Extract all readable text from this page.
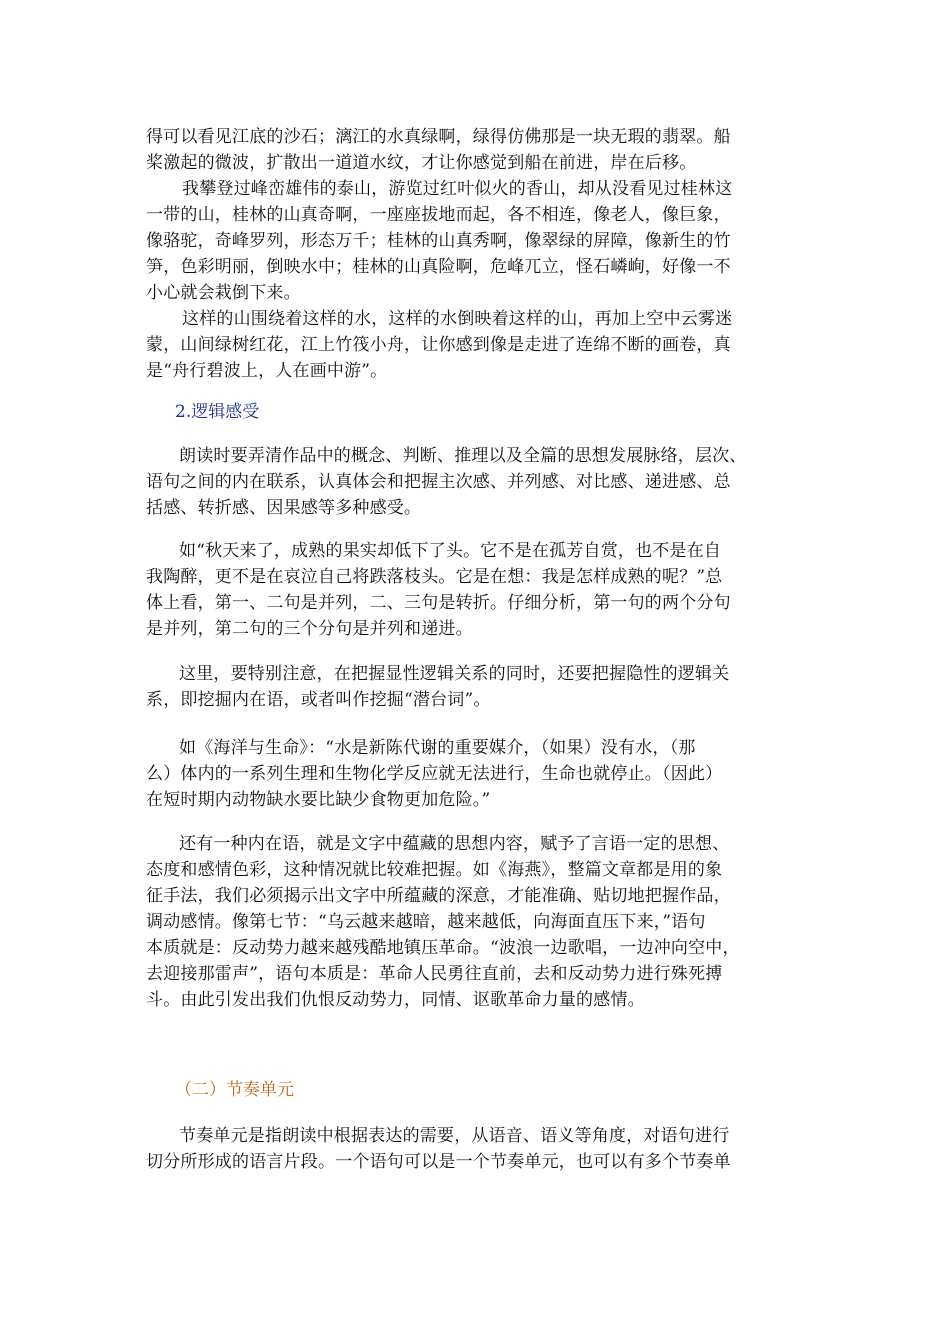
得可以看见江底的沙石；漓江的水真绿啊，绿得仿佛那是一块无瑕的翡翠。船
桨激起的微波，扩散出一道道水纹，才让你感觉到船在前进，岸在后移。
我攀登过峰峦雄伟的泰山，游览过红叶似火的香山，却从没看见过桂林这
一带的山，桂林的山真奇啊，一座座拔地而起，各不相连，像老人，像巨象，
像骆驼，奇峰罗列，形态万千；桂林的山真秀啊，像翠绿的屏障，像新生的竹
笋，色彩明丽，倒映水中；桂林的山真险啊，危峰兀立，怪石嶙峋，好像一不
小心就会栽倒下来。
这样的山围绕着这样的水，这样的水倒映着这样的山，再加上空中云雾迷
蒙，山间绿树红花，江上竹筏小舟，让你感到像是走进了连绵不断的画卷，真
是“舟行碧波上，人在画中游”。
2.逻辑感受
朗读时要弄清作品中的概念、判断、推理以及全篇的思想发展脉络，层次、
语句之间的内在联系，认真体会和把握主次感、并列感、对比感、递进感、总
括感、转折感、因果感等多种感受。
如“秋天来了，成熟的果实却低下了头。它不是在孤芳自赏，也不是在自
我陶醉，更不是在哀泣自己将跌落枝头。它是在想：我是怎样成熟的呢？”总
体上看，第一、二句是并列，二、三句是转折。仔细分析，第一句的两个分句
是并列，第二句的三个分句是并列和递进。
这里，要特别注意，在把握显性逻辑关系的同时，还要把握隐性的逻辑关
系，即挖掘内在语，或者叫作挖掘“潜台词”。
如《海洋与生命》：“水是新陈代谢的重要媒介，（如果）没有水，（那
么）体内的一系列生理和生物化学反应就无法进行，生命也就停止。（因此）
在短时期内动物缺水要比缺少食物更加危险。”
还有一种内在语，就是文字中蕴藏的思想内容，赋予了言语一定的思想、
态度和感情色彩，这种情况就比较难把握。如《海燕》，整篇文章都是用的象
征手法，我们必须揭示出文字中所蕴藏的深意，才能准确、贴切地把握作品，
调动感情。像第七节：“乌云越来越暗，越来越低，向海面直压下来，”语句
本质就是：反动势力越来越残酷地镇压革命。“波浪一边歌唱，一边冲向空中，
去迎接那雷声”，语句本质是：革命人民勇往直前，去和反动势力进行殊死搏
斗。由此引发出我们仇恨反动势力，同情、讴歌革命力量的感情。
（二）节奏单元
节奏单元是指朗读中根据表达的需要，从语音、语义等角度，对语句进行
切分所形成的语言片段。一个语句可以是一个节奏单元，也可以有多个节奏单
